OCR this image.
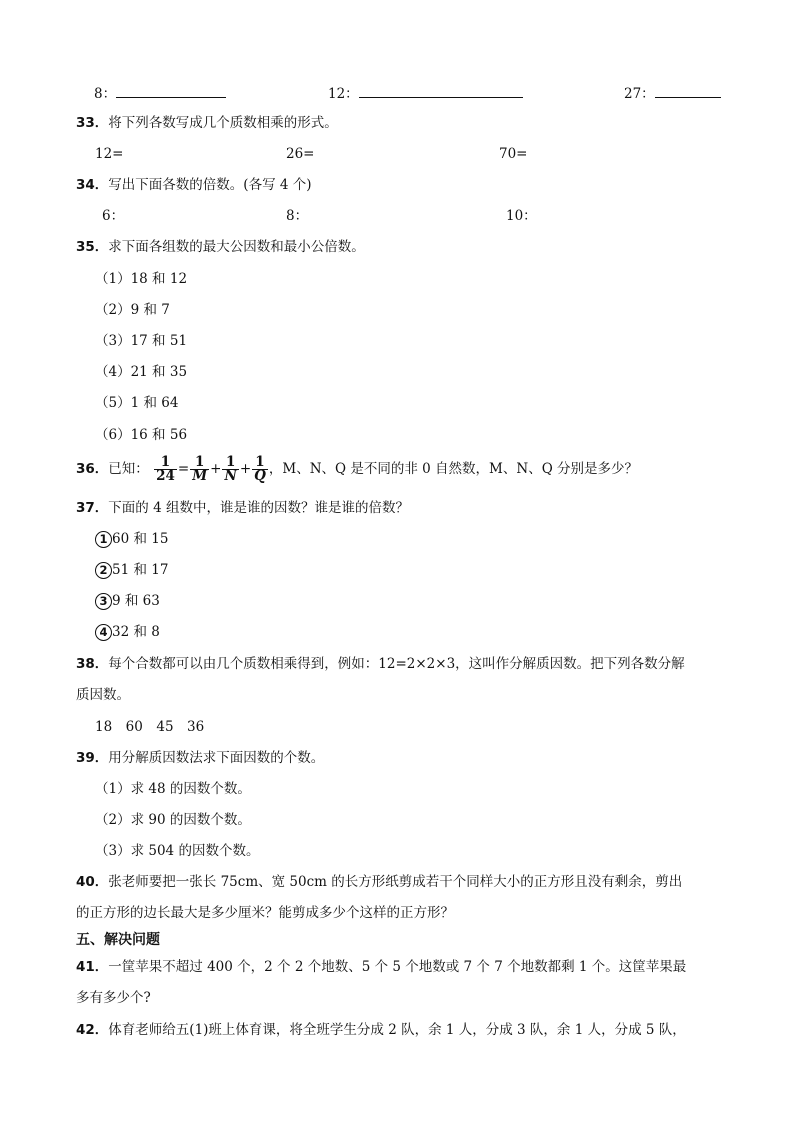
8：	12：	27：
33．将下列各数写成几个质数相乘的形式。
12=	26=	70=
34．写出下面各数的倍数。(各写 4 个)
6：	8：	10：
35．求下面各组数的最大公因数和最小公倍数。
（1）18 和 12
（2）9 和 7
（3）17 和 51
（4）21 和 35
（5）1 和 64
（6）16 和 56
36．已知： $\frac{1}{24} = \frac{1}{M} + \frac{1}{N} + \frac{1}{Q}$ ，M、N、Q 是不同的非 0 自然数，M、N、Q 分别是多少？
37．下面的 4 组数中，谁是谁的因数？谁是谁的倍数？
1 60 和 15
2 51 和 17
3 9 和 63
4 32 和 8
38．每个合数都可以由几个质数相乘得到，例如：12=2×2×3，这叫作分解质因数。把下列各数分解
质因数。
18　60　45　36
39．用分解质因数法求下面因数的个数。
（1）求 48 的因数个数。
（2）求 90 的因数个数。
（3）求 504 的因数个数。
40．张老师要把一张长 75cm、宽 50cm 的长方形纸剪成若干个同样大小的正方形且没有剩余，剪出
的正方形的边长最大是多少厘米？能剪成多少个这样的正方形？
五、解决问题
41．一筐苹果不超过 400 个，2 个 2 个地数、5 个 5 个地数或 7 个 7 个地数都剩 1 个。这筐苹果最
多有多少个?
42．体育老师给五(1)班上体育课，将全班学生分成 2 队，余 1 人，分成 3 队，余 1 人，分成 5 队，
